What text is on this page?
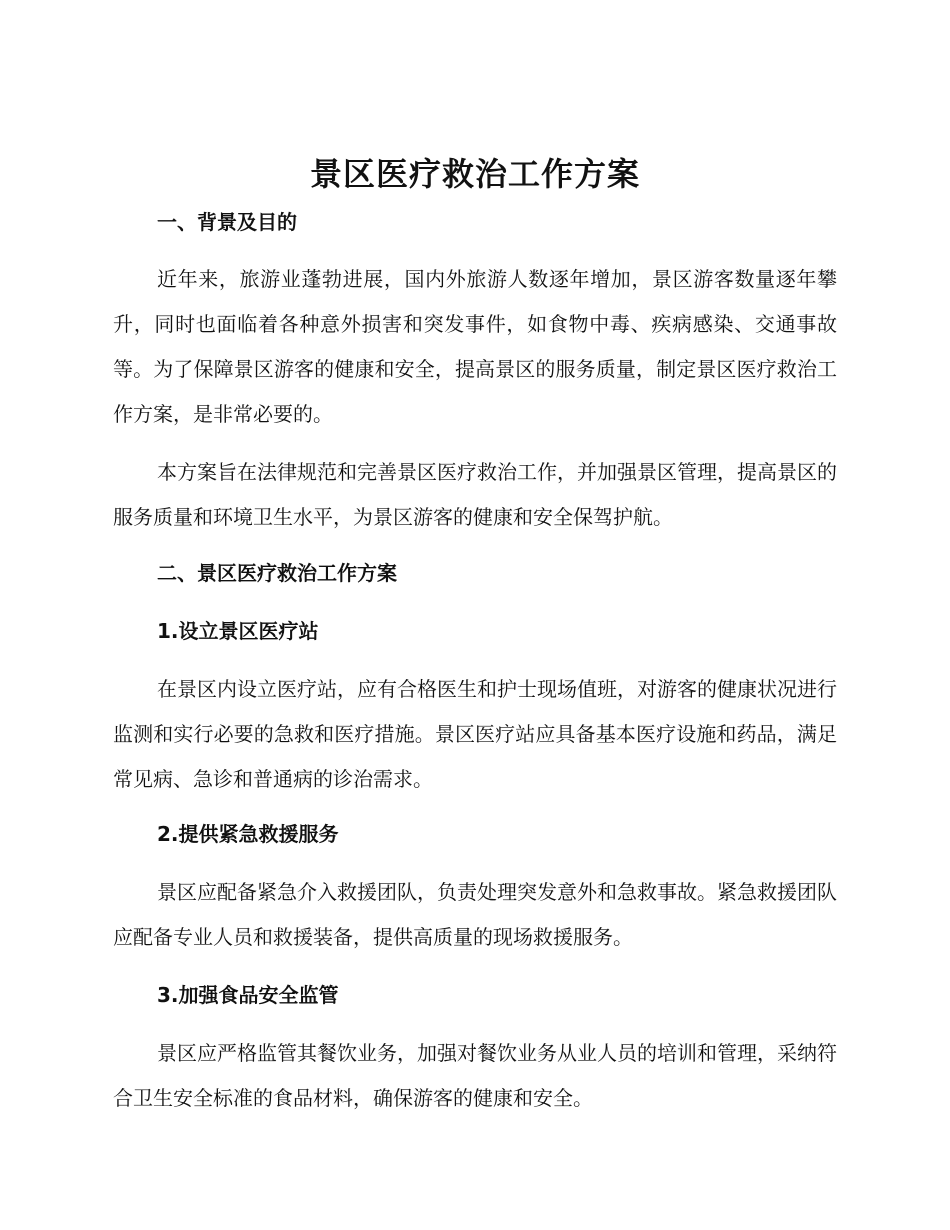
景区医疗救治工作方案
一、背景及目的
近年来，旅游业蓬勃进展，国内外旅游人数逐年增加，景区游客数量逐年攀升，同时也面临着各种意外损害和突发事件，如食物中毒、疾病感染、交通事故等。为了保障景区游客的健康和安全，提高景区的服务质量，制定景区医疗救治工作方案，是非常必要的。
本方案旨在法律规范和完善景区医疗救治工作，并加强景区管理，提高景区的服务质量和环境卫生水平，为景区游客的健康和安全保驾护航。
二、景区医疗救治工作方案
1.设立景区医疗站
在景区内设立医疗站，应有合格医生和护士现场值班，对游客的健康状况进行监测和实行必要的急救和医疗措施。景区医疗站应具备基本医疗设施和药品，满足常见病、急诊和普通病的诊治需求。
2.提供紧急救援服务
景区应配备紧急介入救援团队，负责处理突发意外和急救事故。紧急救援团队应配备专业人员和救援装备，提供高质量的现场救援服务。
3.加强食品安全监管
景区应严格监管其餐饮业务，加强对餐饮业务从业人员的培训和管理，采纳符合卫生安全标准的食品材料，确保游客的健康和安全。
